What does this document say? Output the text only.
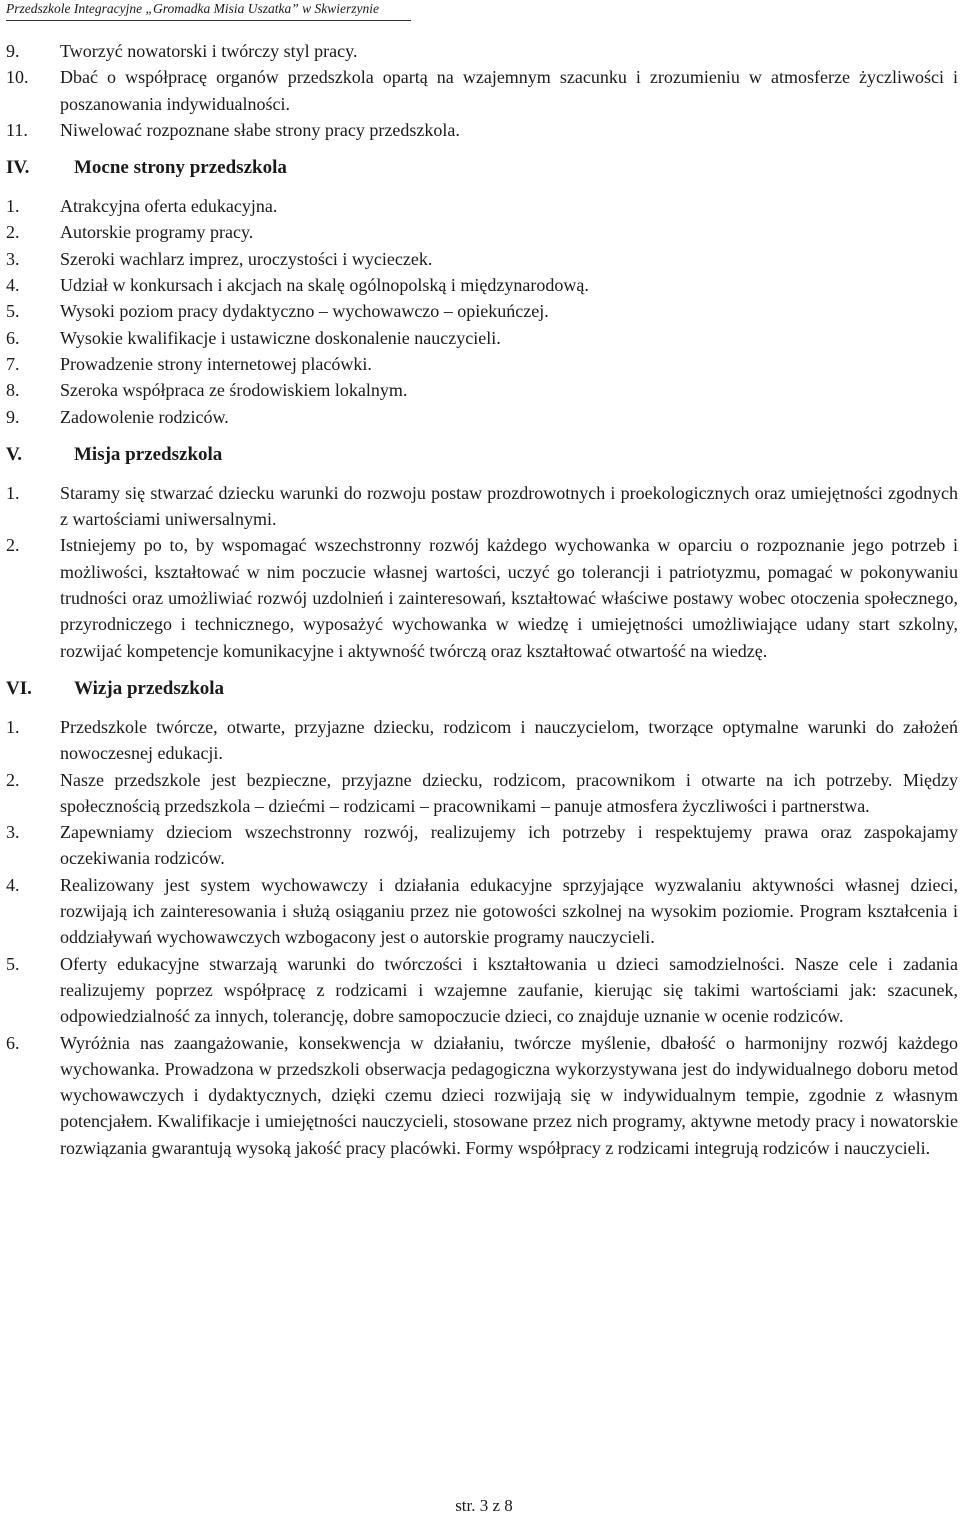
Przedszkole Integracyjne „Gromadka Misia Uszatka” w Skwierzynie
9. Tworzyć nowatorski i twórczy styl pracy.
10. Dbać o współpracę organów przedszkola opartą na wzajemnym szacunku i zrozumieniu w atmosferze życzliwości i poszanowania indywidualności.
11. Niwelować rozpoznane słabe strony pracy przedszkola.
IV. Mocne strony przedszkola
1. Atrakcyjna oferta edukacyjna.
2. Autorskie programy pracy.
3. Szeroki wachlarz imprez, uroczystości i wycieczek.
4. Udział w konkursach i akcjach na skalę ogólnopolską i międzynarodową.
5. Wysoki poziom pracy dydaktyczno – wychowawczo – opiekuńczej.
6. Wysokie kwalifikacje i ustawiczne doskonalenie nauczycieli.
7. Prowadzenie strony internetowej placówki.
8. Szeroka współpraca ze środowiskiem lokalnym.
9. Zadowolenie rodziców.
V.	Misja przedszkola
1. Staramy się stwarzać dziecku warunki do rozwoju postaw prozdrowotnych i proekologicznych oraz umiejętności zgodnych z wartościami uniwersalnymi.
2. Istniejemy po to, by wspomagać wszechstronny rozwój każdego wychowanka w oparciu o rozpoznanie jego potrzeb i możliwości, kształtować w nim poczucie własnej wartości, uczyć go tolerancji i patriotyzmu, pomagać w pokonywaniu trudności oraz umożliwiać rozwój uzdolnień i zainteresowań, kształtować właściwe postawy wobec otoczenia społecznego, przyrodniczego i technicznego, wyposażyć wychowanka w wiedzę i umiejętności umożliwiające udany start szkolny, rozwijać kompetencje komunikacyjne i aktywność twórczą oraz kształtować otwartość na wiedzę.
VI. Wizja przedszkola
1. Przedszkole twórcze, otwarte, przyjazne dziecku, rodzicom i nauczycielom, tworzące optymalne warunki do założeń nowoczesnej edukacji.
2. Nasze przedszkole jest bezpieczne, przyjazne dziecku, rodzicom, pracownikom i otwarte na ich potrzeby. Między społecznością przedszkola – dziećmi – rodzicami – pracownikami – panuje atmosfera życzliwości i partnerstwa.
3. Zapewniamy dzieciom wszechstronny rozwój, realizujemy ich potrzeby i respektujemy prawa oraz zaspokajamy oczekiwania rodziców.
4. Realizowany jest system wychowawczy i działania edukacyjne sprzyjające wyzwalaniu aktywności własnej dzieci, rozwijają ich zainteresowania i służą osiąganiu przez nie gotowości szkolnej na wysokim poziomie. Program kształcenia i oddziaływań wychowawczych wzbogacony jest o autorskie programy nauczycieli.
5. Oferty edukacyjne stwarzają warunki do twórczości i kształtowania u dzieci samodzielności. Nasze cele i zadania realizujemy poprzez współpracę z rodzicami i wzajemne zaufanie, kierując się takimi wartościami jak: szacunek, odpowiedzialność za innych, tolerancję, dobre samopoczucie dzieci, co znajduje uznanie w ocenie rodziców.
6. Wyróżnia nas zaangażowanie, konsekwencja w działaniu, twórcze myślenie, dbałość o harmonijny rozwój każdego wychowanka. Prowadzona w przedszkoli obserwacja pedagogiczna wykorzystywana jest do indywidualnego doboru metod wychowawczych i dydaktycznych, dzięki czemu dzieci rozwijają się w indywidualnym tempie, zgodnie z własnym potencjałem. Kwalifikacje i umiejętności nauczycieli, stosowane przez nich programy, aktywne metody pracy i nowatorskie rozwiązania gwarantują wysoką jakość pracy placówki. Formy współpracy z rodzicami integrują rodziców i nauczycieli.
str. 3 z 8
